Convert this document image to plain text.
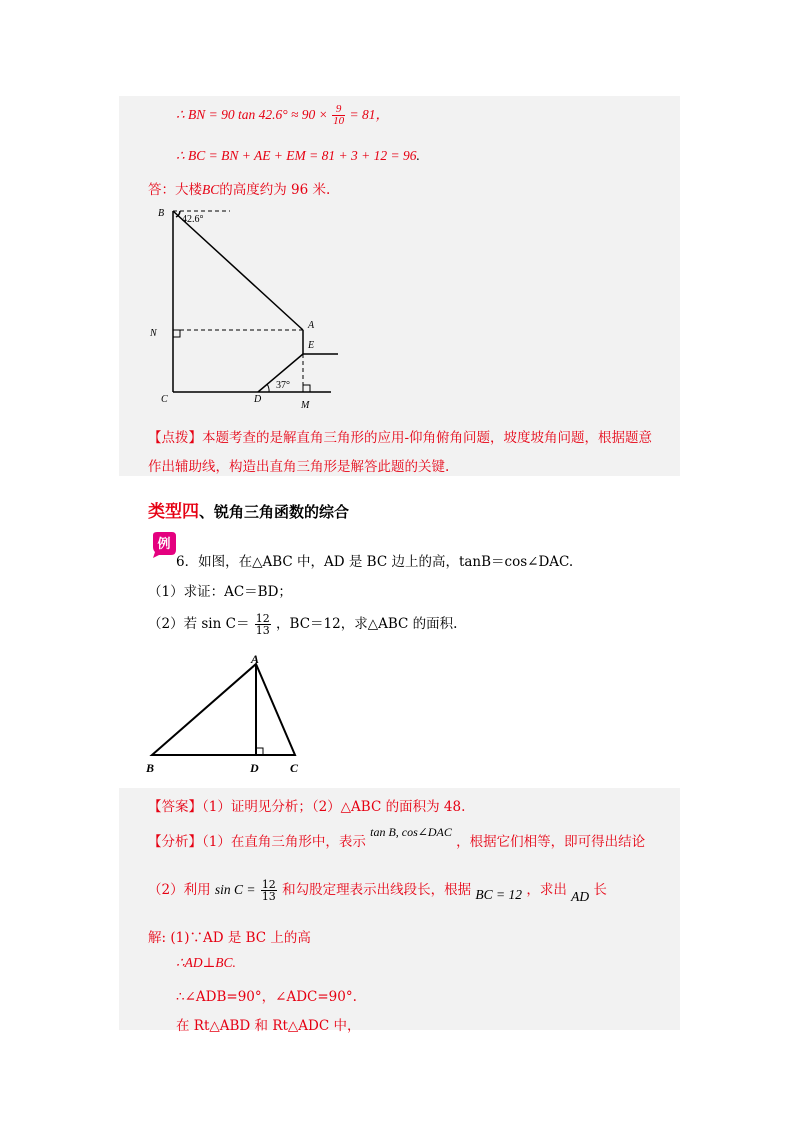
∴ BN = 90 $\tan 42.6^\circ \approx 90 \times \frac{9}{10} = 81$，
∴ BC = BN + AE + EM = 81 + 3 + 12 = 96.
答：大楼BC的高度约为 96 米.
B
42.6°
N
A
E
C	D
37°
M
【点拨】本题考查的是解直角三角形的应用-仰角俯角问题，坡度坡角问题，根据题意
作出辅助线，构造出直角三角形是解答此题的关键.
类型四、锐角三角函数的综合
例
6．如图，在△ABC 中，AD 是 BC 边上的高，tanB＝cos∠DAC.
（1）求证：AC＝BD；
（2）若 $\sin C= \frac{12}{13}$ ，BC＝12，求△ABC 的面积.
A
B	D	C
【答案】（1）证明见分析；（2）△ABC 的面积为 48.
【分析】（1）在直角三角形中，表示 tan B, cos∠DAC ，根据它们相等，即可得出结论
（2）利用 $\sin C = \frac{12}{13}$ 和勾股定理表示出线段长，根据 BC = 12 ，求出 AD 长
解: (1)∵AD 是 BC 上的高
∴AD⊥BC.
∴∠ADB=90°，∠ADC=90°.
在 Rt△ABD 和 Rt△ADC 中，
